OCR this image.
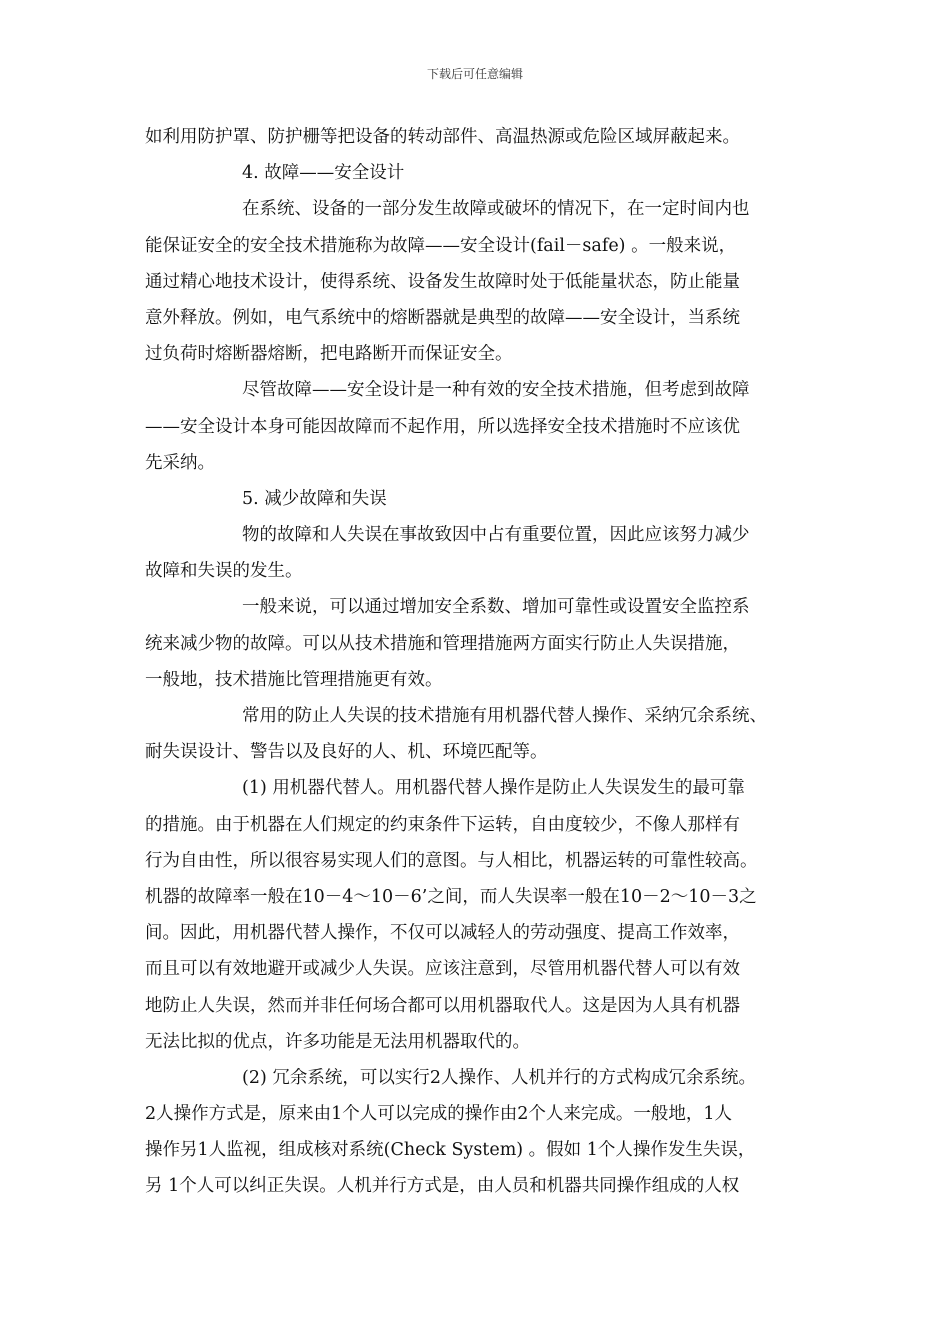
下载后可任意编辑
如利用防护罩、防护栅等把设备的转动部件、高温热源或危险区域屏蔽起来。
4. 故障——安全设计
在系统、设备的一部分发生故障或破坏的情况下，在一定时间内也
能保证安全的安全技术措施称为故障——安全设计(fail－safe) 。一般来说，
通过精心地技术设计，使得系统、设备发生故障时处于低能量状态，防止能量
意外释放。例如，电气系统中的熔断器就是典型的故障——安全设计，当系统
过负荷时熔断器熔断，把电路断开而保证安全。
尽管故障——安全设计是一种有效的安全技术措施，但考虑到故障
——安全设计本身可能因故障而不起作用，所以选择安全技术措施时不应该优
先采纳。
5. 减少故障和失误
物的故障和人失误在事故致因中占有重要位置，因此应该努力减少
故障和失误的发生。
一般来说，可以通过增加安全系数、增加可靠性或设置安全监控系
统来减少物的故障。可以从技术措施和管理措施两方面实行防止人失误措施，
一般地，技术措施比管理措施更有效。
常用的防止人失误的技术措施有用机器代替人操作、采纳冗余系统、
耐失误设计、警告以及良好的人、机、环境匹配等。
(1) 用机器代替人。用机器代替人操作是防止人失误发生的最可靠
的措施。由于机器在人们规定的约束条件下运转，自由度较少，不像人那样有
行为自由性，所以很容易实现人们的意图。与人相比，机器运转的可靠性较高。
机器的故障率一般在10－4～10－6’之间，而人失误率一般在10－2～10－3之
间。因此，用机器代替人操作，不仅可以减轻人的劳动强度、提高工作效率，
而且可以有效地避开或减少人失误。应该注意到，尽管用机器代替人可以有效
地防止人失误，然而并非任何场合都可以用机器取代人。这是因为人具有机器
无法比拟的优点，许多功能是无法用机器取代的。
(2) 冗余系统，可以实行2人操作、人机并行的方式构成冗余系统。
2人操作方式是，原来由1个人可以完成的操作由2个人来完成。一般地，1人
操作另1人监视，组成核对系统(Check System) 。假如 1个人操作发生失误，
另 1个人可以纠正失误。人机并行方式是，由人员和机器共同操作组成的人权
